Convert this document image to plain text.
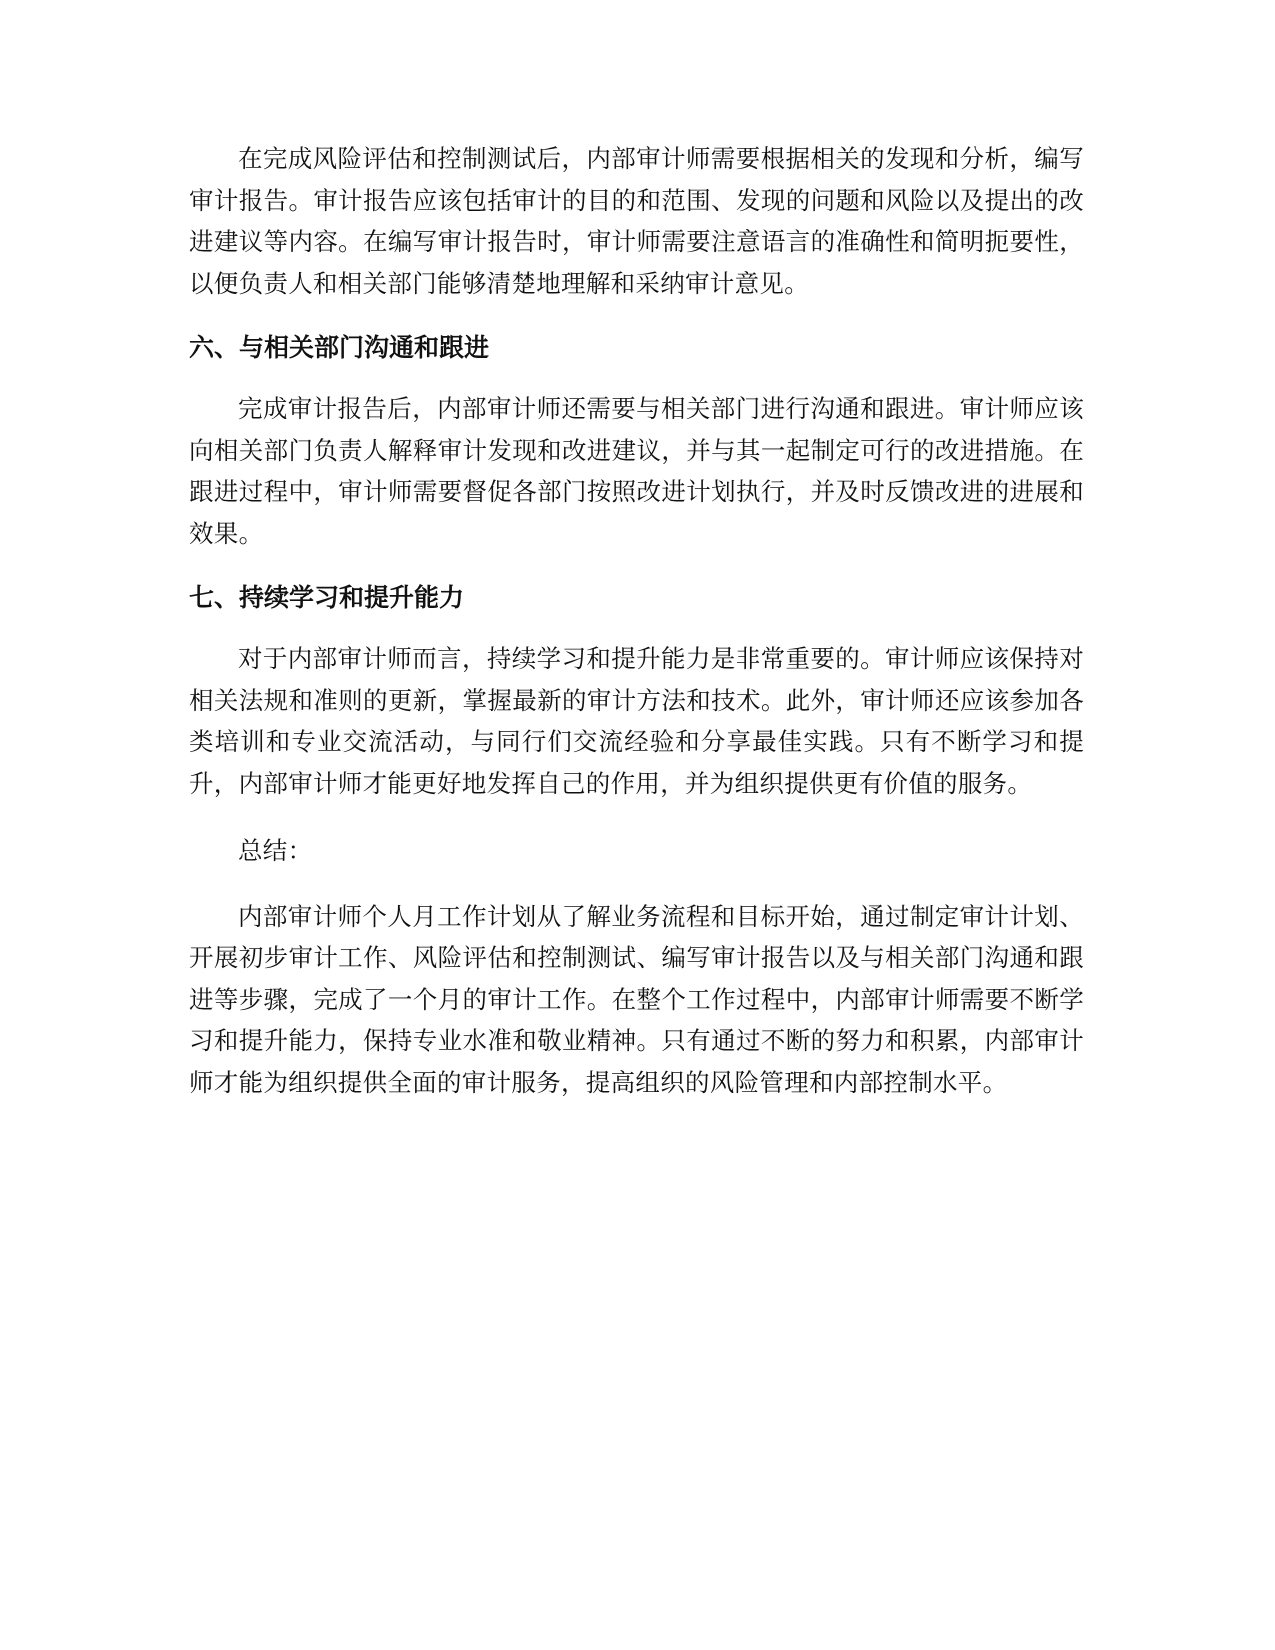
在完成风险评估和控制测试后，内部审计师需要根据相关的发现和分析，编写审计报告。审计报告应该包括审计的目的和范围、发现的问题和风险以及提出的改进建议等内容。在编写审计报告时，审计师需要注意语言的准确性和简明扼要性，以便负责人和相关部门能够清楚地理解和采纳审计意见。

六、与相关部门沟通和跟进

完成审计报告后，内部审计师还需要与相关部门进行沟通和跟进。审计师应该向相关部门负责人解释审计发现和改进建议，并与其一起制定可行的改进措施。在跟进过程中，审计师需要督促各部门按照改进计划执行，并及时反馈改进的进展和效果。

七、持续学习和提升能力

对于内部审计师而言，持续学习和提升能力是非常重要的。审计师应该保持对相关法规和准则的更新，掌握最新的审计方法和技术。此外，审计师还应该参加各类培训和专业交流活动，与同行们交流经验和分享最佳实践。只有不断学习和提升，内部审计师才能更好地发挥自己的作用，并为组织提供更有价值的服务。

总结：

内部审计师个人月工作计划从了解业务流程和目标开始，通过制定审计计划、开展初步审计工作、风险评估和控制测试、编写审计报告以及与相关部门沟通和跟进等步骤，完成了一个月的审计工作。在整个工作过程中，内部审计师需要不断学习和提升能力，保持专业水准和敬业精神。只有通过不断的努力和积累，内部审计师才能为组织提供全面的审计服务，提高组织的风险管理和内部控制水平。
